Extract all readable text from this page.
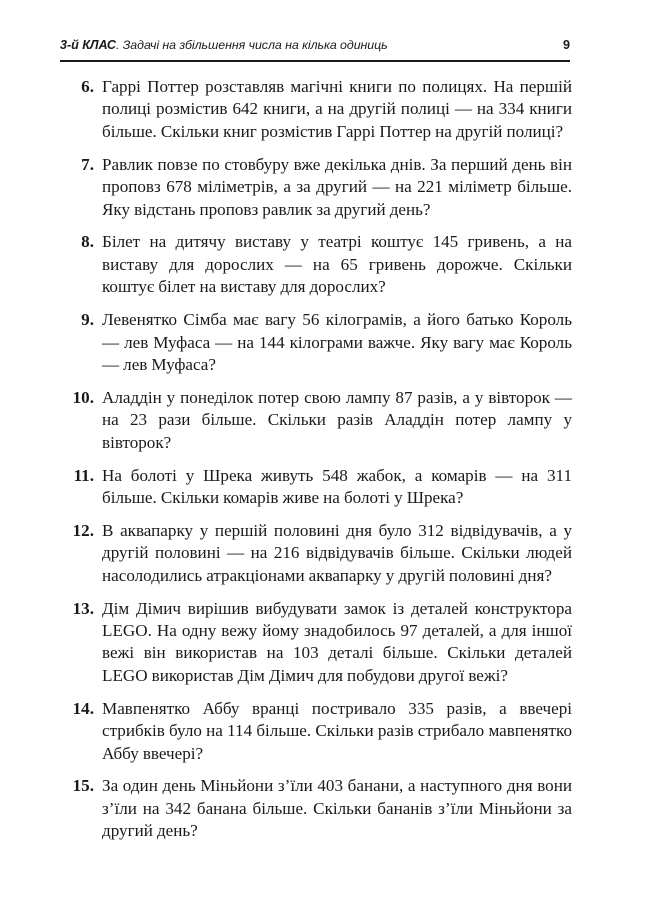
3-й КЛАС. Задачі на збільшення числа на кілька одиниць	9
6. Гаррі Поттер розставляв магічні книги по полицях. На першій полиці розмістив 642 книги, а на другій полиці — на 334 книги більше. Скільки книг розмістив Гаррі Поттер на другій полиці?
7. Равлик повзе по стовбуру вже декілька днів. За перший день він проповз 678 міліметрів, а за другий — на 221 міліметр більше. Яку відстань проповз равлик за другий день?
8. Білет на дитячу виставу у театрі коштує 145 гривень, а на виставу для дорослих — на 65 гривень дорожче. Скільки коштує білет на виставу для дорослих?
9. Левенятко Сімба має вагу 56 кілограмів, а його батько Король — лев Муфаса — на 144 кілограми важче. Яку вагу має Король — лев Муфаса?
10. Аладдін у понеділок потер свою лампу 87 разів, а у вівторок — на 23 рази більше. Скільки разів Аладдін потер лампу у вівторок?
11. На болоті у Шрека живуть 548 жабок, а комарів — на 311 більше. Скільки комарів живе на болоті у Шрека?
12. В аквапарку у першій половині дня було 312 відвідувачів, а у другій половині — на 216 відвідувачів більше. Скільки людей насолодились атракціонами аквапарку у другій половині дня?
13. Дім Дімич вирішив вибудувати замок із деталей конструктора LEGO. На одну вежу йому знадобилось 97 деталей, а для іншої вежі він використав на 103 деталі більше. Скільки деталей LEGO використав Дім Дімич для побудови другої вежі?
14. Мавпенятко Аббу вранці постривало 335 разів, а ввечері стрибків було на 114 більше. Скільки разів стрибало мавпенятко Аббу ввечері?
15. За один день Міньйони з’їли 403 банани, а наступного дня вони з’їли на 342 банана більше. Скільки бананів з’їли Міньйони за другий день?
